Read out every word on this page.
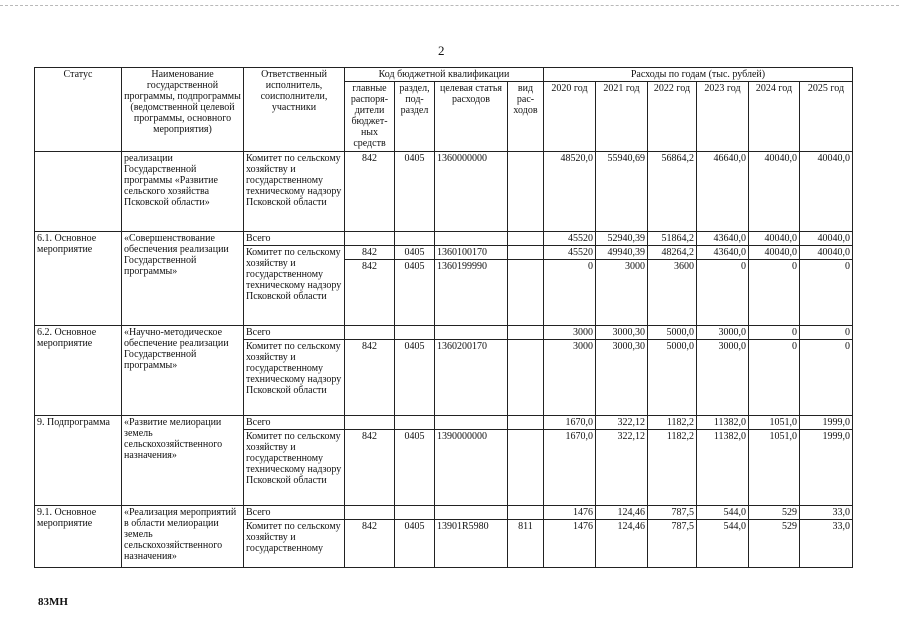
2
Статус	Наименование государственной программы, подпрограммы (ведомственной целевой программы, основного мероприятия)	Ответственный исполнитель, соисполнители, участники	Код бюджетной квалификации				Расходы по годам (тыс. рублей)					
			главные распоря-дители бюджет-ных средств	раздел, под-раздел	целевая статья расходов	вид рас-ходов	2020 год	2021 год	2022 год	2023 год	2024 год	2025 год
	реализации Государственной программы «Развитие сельского хозяйства Псковской области»	Комитет по сельскому хозяйству и государственному техническому надзору Псковской области	842	0405	1360000000		48520,0	55940,69	56864,2	46640,0	40040,0	40040,0
6.1. Основное мероприятие	«Совершенствование обеспечения реализации Государственной программы»	Всего					45520	52940,39	51864,2	43640,0	40040,0	40040,0
		Комитет по сельскому хозяйству и государственному техническому надзору Псковской области	842	0405	1360100170		45520	49940,39	48264,2	43640,0	40040,0	40040,0
			842	0405	1360199990		0	3000	3600	0	0	0
6.2. Основное мероприятие	«Научно-методическое обеспечение реализации Государственной программы»	Всего					3000	3000,30	5000,0	3000,0	0	0
		Комитет по сельскому хозяйству и государственному техническому надзору Псковской области	842	0405	1360200170		3000	3000,30	5000,0	3000,0	0	0
9. Подпрограмма	«Развитие мелиорации земель сельскохозяйственного назначения»	Всего					1670,0	322,12	1182,2	11382,0	1051,0	1999,0
		Комитет по сельскому хозяйству и государственному техническому надзору Псковской области	842	0405	1390000000		1670,0	322,12	1182,2	11382,0	1051,0	1999,0
9.1. Основное мероприятие	«Реализация мероприятий в области мелиорации земель сельскохозяйственного назначения»	Всего					1476	124,46	787,5	544,0	529	33,0
		Комитет по сельскому хозяйству и государственному	842	0405	13901R5980	811	1476	124,46	787,5	544,0	529	33,0
83МН
